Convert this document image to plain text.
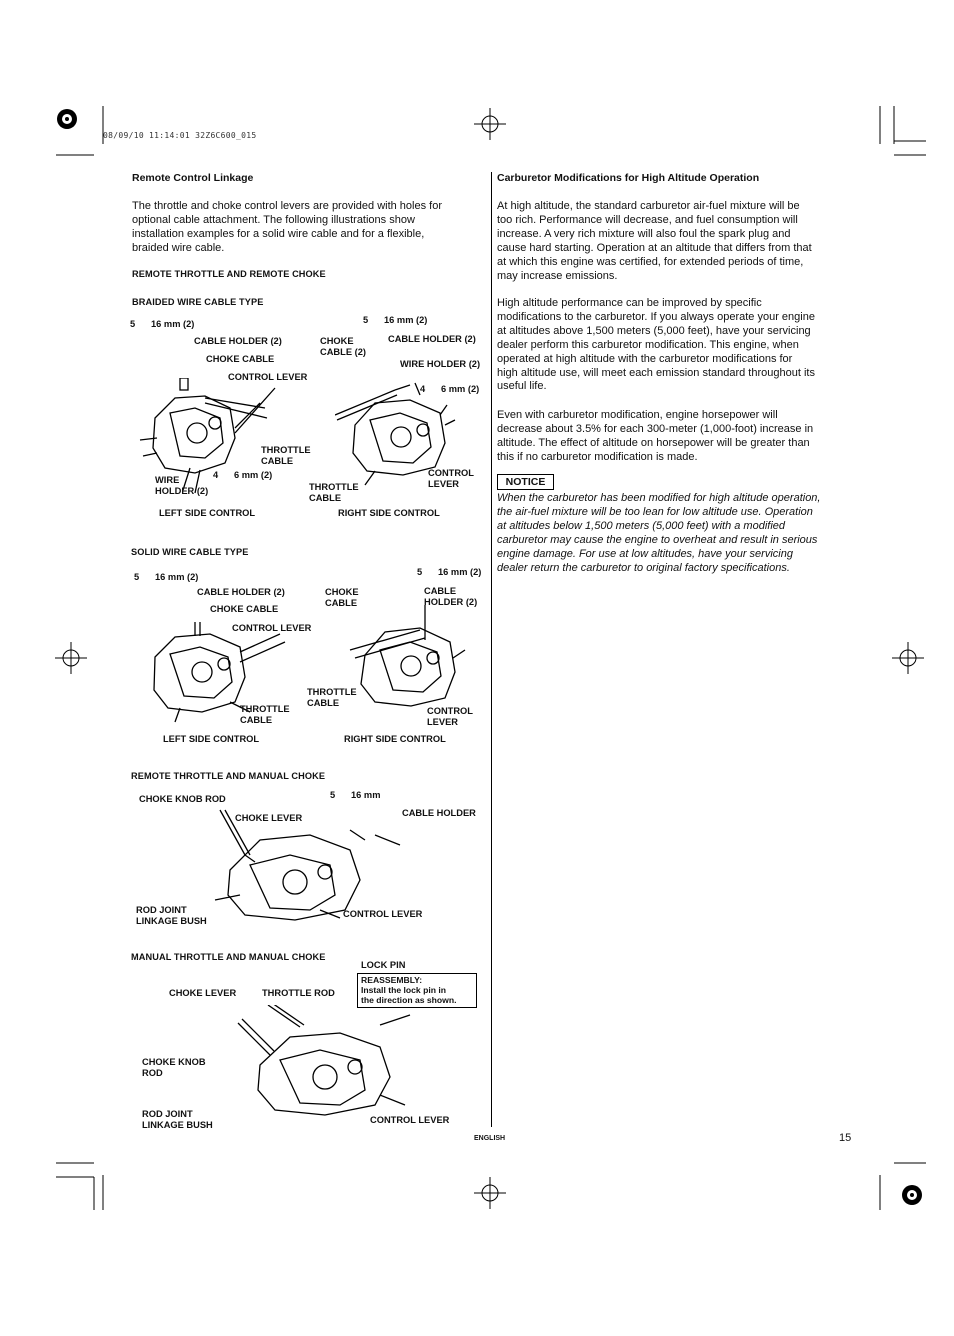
08/09/10 11:14:01 32Z6C600_015
Remote Control Linkage
The throttle and choke control levers are provided with holes for
optional cable attachment. The following illustrations show
installation examples for a solid wire cable and for a flexible,
braided wire cable.
REMOTE THROTTLE AND REMOTE CHOKE
BRAIDED WIRE CABLE TYPE
5 16 mm (2)
CABLE HOLDER (2)
CHOKE CABLE
CONTROL LEVER
THROTTLE
CABLE
4 6 mm (2)
WIRE
HOLDER (2)
LEFT SIDE CONTROL
5 16 mm (2)
CHOKE
CABLE (2)
CABLE HOLDER (2)
WIRE HOLDER (2)
4 6 mm (2)
THROTTLE
CABLE
CONTROL
LEVER
RIGHT SIDE CONTROL
SOLID WIRE CABLE TYPE
5 16 mm (2)
CABLE HOLDER (2)
CHOKE CABLE
CONTROL LEVER
THROTTLE
CABLE
LEFT SIDE CONTROL
5 16 mm (2)
CHOKE
CABLE
CABLE
HOLDER (2)
THROTTLE
CABLE
CONTROL
LEVER
RIGHT SIDE CONTROL
REMOTE THROTTLE AND MANUAL CHOKE
CHOKE KNOB ROD
CHOKE LEVER
5 16 mm
CABLE HOLDER
ROD JOINT
LINKAGE BUSH
CONTROL LEVER
MANUAL THROTTLE AND MANUAL CHOKE
LOCK PIN
REASSEMBLY:
Install the lock pin in
the direction as shown.
CHOKE LEVER	THROTTLE ROD
CHOKE KNOB
ROD
ROD JOINT
LINKAGE BUSH	CONTROL LEVER
Carburetor Modifications for High Altitude Operation
At high altitude, the standard carburetor air-fuel mixture will be
too rich. Performance will decrease, and fuel consumption will
increase. A very rich mixture will also foul the spark plug and
cause hard starting. Operation at an altitude that differs from that
at which this engine was certified, for extended periods of time,
may increase emissions.
High altitude performance can be improved by specific
modifications to the carburetor. If you always operate your engine
at altitudes above 1,500 meters (5,000 feet), have your servicing
dealer perform this carburetor modification. This engine, when
operated at high altitude with the carburetor modifications for
high altitude use, will meet each emission standard throughout its
useful life.
Even with carburetor modification, engine horsepower will
decrease about 3.5% for each 300-meter (1,000-foot) increase in
altitude. The effect of altitude on horsepower will be greater than
this if no carburetor modification is made.
NOTICE
When the carburetor has been modified for high altitude operation,
the air-fuel mixture will be too lean for low altitude use. Operation
at altitudes below 1,500 meters (5,000 feet) with a modified
carburetor may cause the engine to overheat and result in serious
engine damage. For use at low altitudes, have your servicing
dealer return the carburetor to original factory specifications.
ENGLISH	15
